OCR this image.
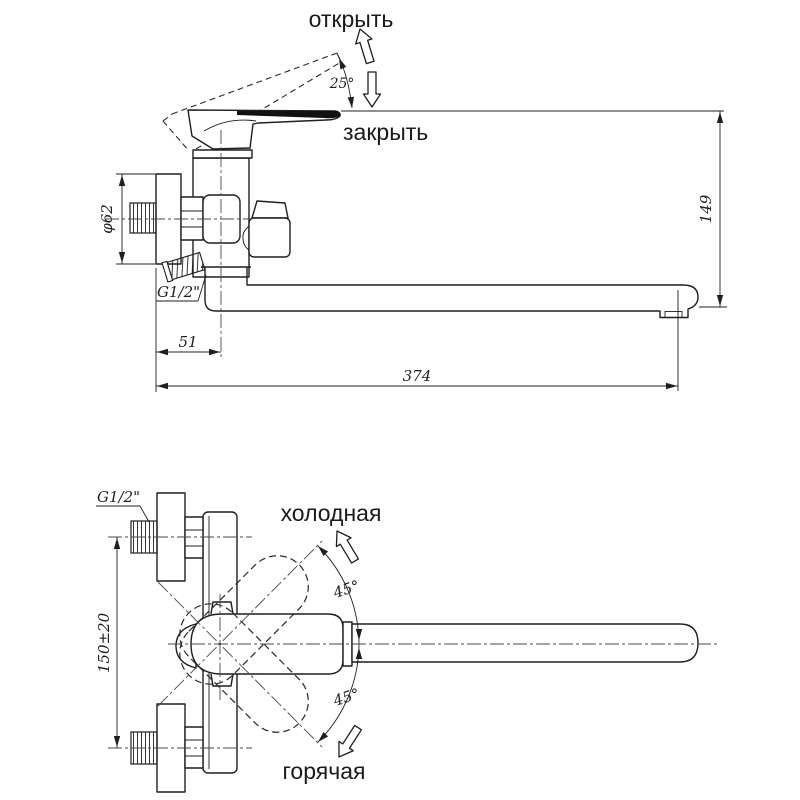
25°
открыть
закрыть
φ62
G1/2"
51
374
149
45°
45°
холодная
горячая
150±20
G1/2"
